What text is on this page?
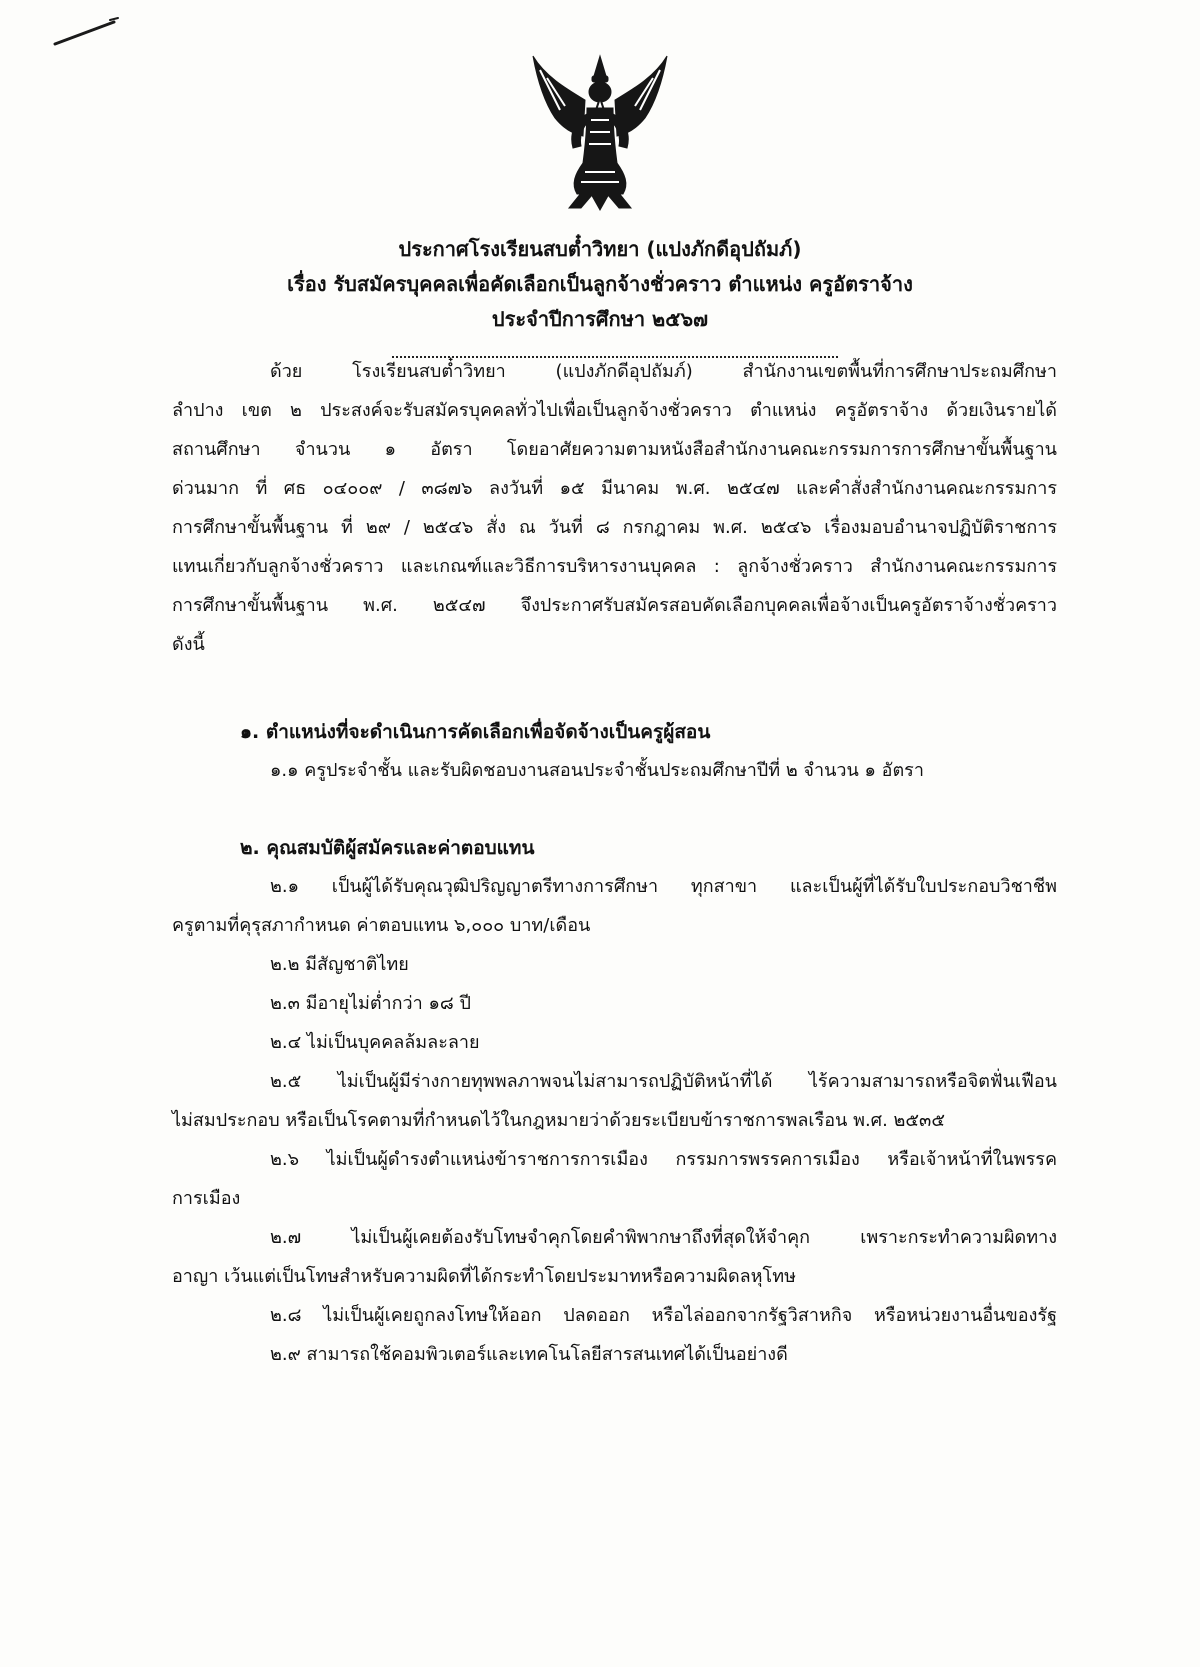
ประกาศโรงเรียนสบต๋ำวิทยา (แปงภักดีอุปถัมภ์)
เรื่อง รับสมัครบุคคลเพื่อคัดเลือกเป็นลูกจ้างชั่วคราว ตำแหน่ง ครูอัตราจ้าง
ประจำปีการศึกษา ๒๕๖๗
ด้วย โรงเรียนสบต๋ำวิทยา (แปงภักดีอุปถัมภ์) สำนักงานเขตพื้นที่การศึกษาประถมศึกษา
ลำปาง เขต ๒ ประสงค์จะรับสมัครบุคคลทั่วไปเพื่อเป็นลูกจ้างชั่วคราว ตำแหน่ง ครูอัตราจ้าง ด้วยเงินรายได้
สถานศึกษา จำนวน ๑ อัตรา โดยอาศัยความตามหนังสือสำนักงานคณะกรรมการการศึกษาขั้นพื้นฐาน
ด่วนมาก ที่ ศธ ๐๔๐๐๙ / ๓๘๗๖ ลงวันที่ ๑๕ มีนาคม พ.ศ. ๒๕๔๗ และคำสั่งสำนักงานคณะกรรมการ
การศึกษาขั้นพื้นฐาน ที่ ๒๙ / ๒๕๔๖ สั่ง ณ วันที่ ๘ กรกฎาคม พ.ศ. ๒๕๔๖ เรื่องมอบอำนาจปฏิบัติราชการ
แทนเกี่ยวกับลูกจ้างชั่วคราว และเกณฑ์และวิธีการบริหารงานบุคคล : ลูกจ้างชั่วคราว สำนักงานคณะกรรมการ
การศึกษาขั้นพื้นฐาน พ.ศ. ๒๕๔๗ จึงประกาศรับสมัครสอบคัดเลือกบุคคลเพื่อจ้างเป็นครูอัตราจ้างชั่วคราว
ดังนี้
๑. ตำแหน่งที่จะดำเนินการคัดเลือกเพื่อจัดจ้างเป็นครูผู้สอน
๑.๑ ครูประจำชั้น และรับผิดชอบงานสอนประจำชั้นประถมศึกษาปีที่ ๒ จำนวน ๑ อัตรา
๒. คุณสมบัติผู้สมัครและค่าตอบแทน
๒.๑ เป็นผู้ได้รับคุณวุฒิปริญญาตรีทางการศึกษา ทุกสาขา และเป็นผู้ที่ได้รับใบประกอบวิชาชีพ
ครูตามที่คุรุสภากำหนด ค่าตอบแทน ๖,๐๐๐ บาท/เดือน
๒.๒ มีสัญชาติไทย
๒.๓ มีอายุไม่ต่ำกว่า ๑๘ ปี
๒.๔ ไม่เป็นบุคคลล้มละลาย
๒.๕ ไม่เป็นผู้มีร่างกายทุพพลภาพจนไม่สามารถปฏิบัติหน้าที่ได้ ไร้ความสามารถหรือจิตฟั่นเฟือน
ไม่สมประกอบ หรือเป็นโรคตามที่กำหนดไว้ในกฎหมายว่าด้วยระเบียบข้าราชการพลเรือน พ.ศ. ๒๕๓๕
๒.๖ ไม่เป็นผู้ดำรงตำแหน่งข้าราชการการเมือง กรรมการพรรคการเมือง หรือเจ้าหน้าที่ในพรรค
การเมือง
๒.๗ ไม่เป็นผู้เคยต้องรับโทษจำคุกโดยคำพิพากษาถึงที่สุดให้จำคุก เพราะกระทำความผิดทาง
อาญา เว้นแต่เป็นโทษสำหรับความผิดที่ได้กระทำโดยประมาทหรือความผิดลหุโทษ
๒.๘ ไม่เป็นผู้เคยถูกลงโทษให้ออก ปลดออก หรือไล่ออกจากรัฐวิสาหกิจ หรือหน่วยงานอื่นของรัฐ
๒.๙ สามารถใช้คอมพิวเตอร์และเทคโนโลยีสารสนเทศได้เป็นอย่างดี
